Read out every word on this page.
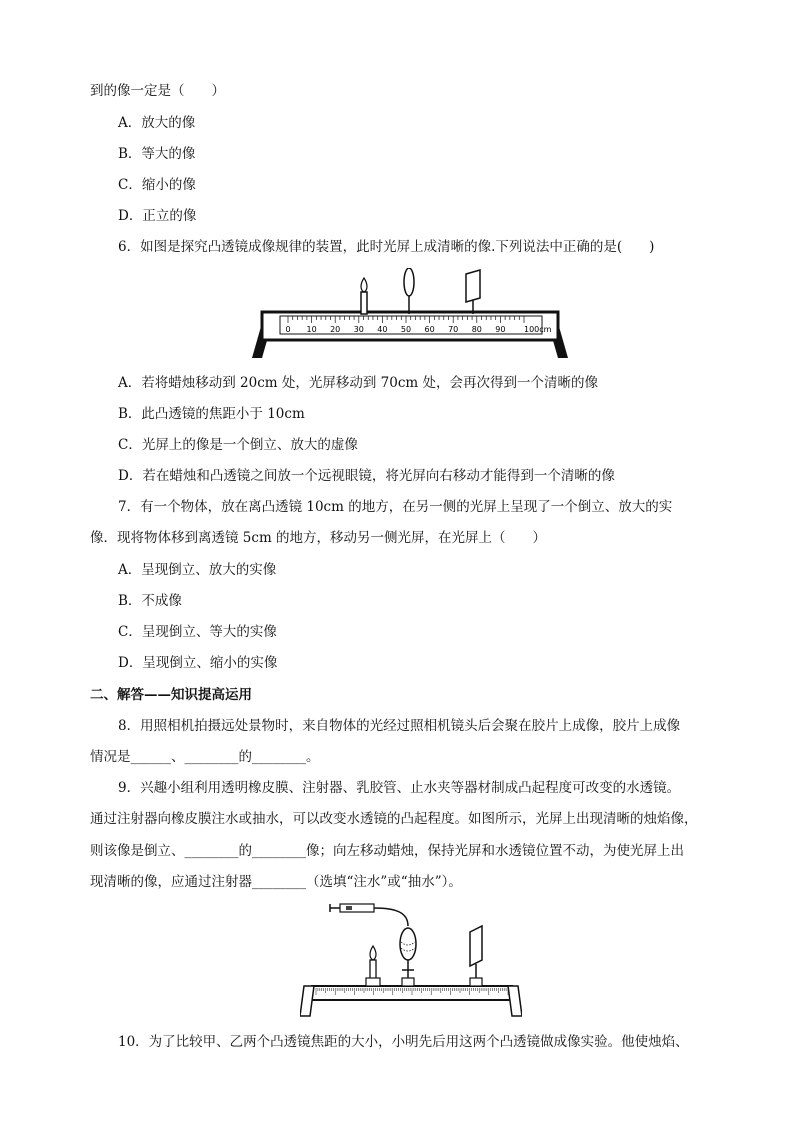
到的像一定是（　　）
A．放大的像
B．等大的像
C．缩小的像
D．正立的像
6．如图是探究凸透镜成像规律的装置，此时光屏上成清晰的像.下列说法中正确的是(　　)
0 10 20 30 40 50 60 70 80 90 100cm
A．若将蜡烛移动到 20cm 处，光屏移动到 70cm 处，会再次得到一个清晰的像
B．此凸透镜的焦距小于 10cm
C．光屏上的像是一个倒立、放大的虚像
D．若在蜡烛和凸透镜之间放一个远视眼镜，将光屏向右移动才能得到一个清晰的像
7．有一个物体，放在离凸透镜 10cm 的地方，在另一侧的光屏上呈现了一个倒立、放大的实
像．现将物体移到离透镜 5cm 的地方，移动另一侧光屏，在光屏上（　　）
A．呈现倒立、放大的实像
B．不成像
C．呈现倒立、等大的实像
D．呈现倒立、缩小的实像
二、解答——知识提高运用
8．用照相机拍摄远处景物时，来自物体的光经过照相机镜头后会聚在胶片上成像，胶片上成像
情况是______、________的________。
9．兴趣小组利用透明橡皮膜、注射器、乳胶管、止水夹等器材制成凸起程度可改变的水透镜。
通过注射器向橡皮膜注水或抽水，可以改变水透镜的凸起程度。如图所示，光屏上出现清晰的烛焰像，
则该像是倒立、________的________像；向左移动蜡烛，保持光屏和水透镜位置不动，为使光屏上出
现清晰的像，应通过注射器________（选填“注水”或“抽水”）。
10．为了比较甲、乙两个凸透镜焦距的大小，小明先后用这两个凸透镜做成像实验。他使烛焰、
